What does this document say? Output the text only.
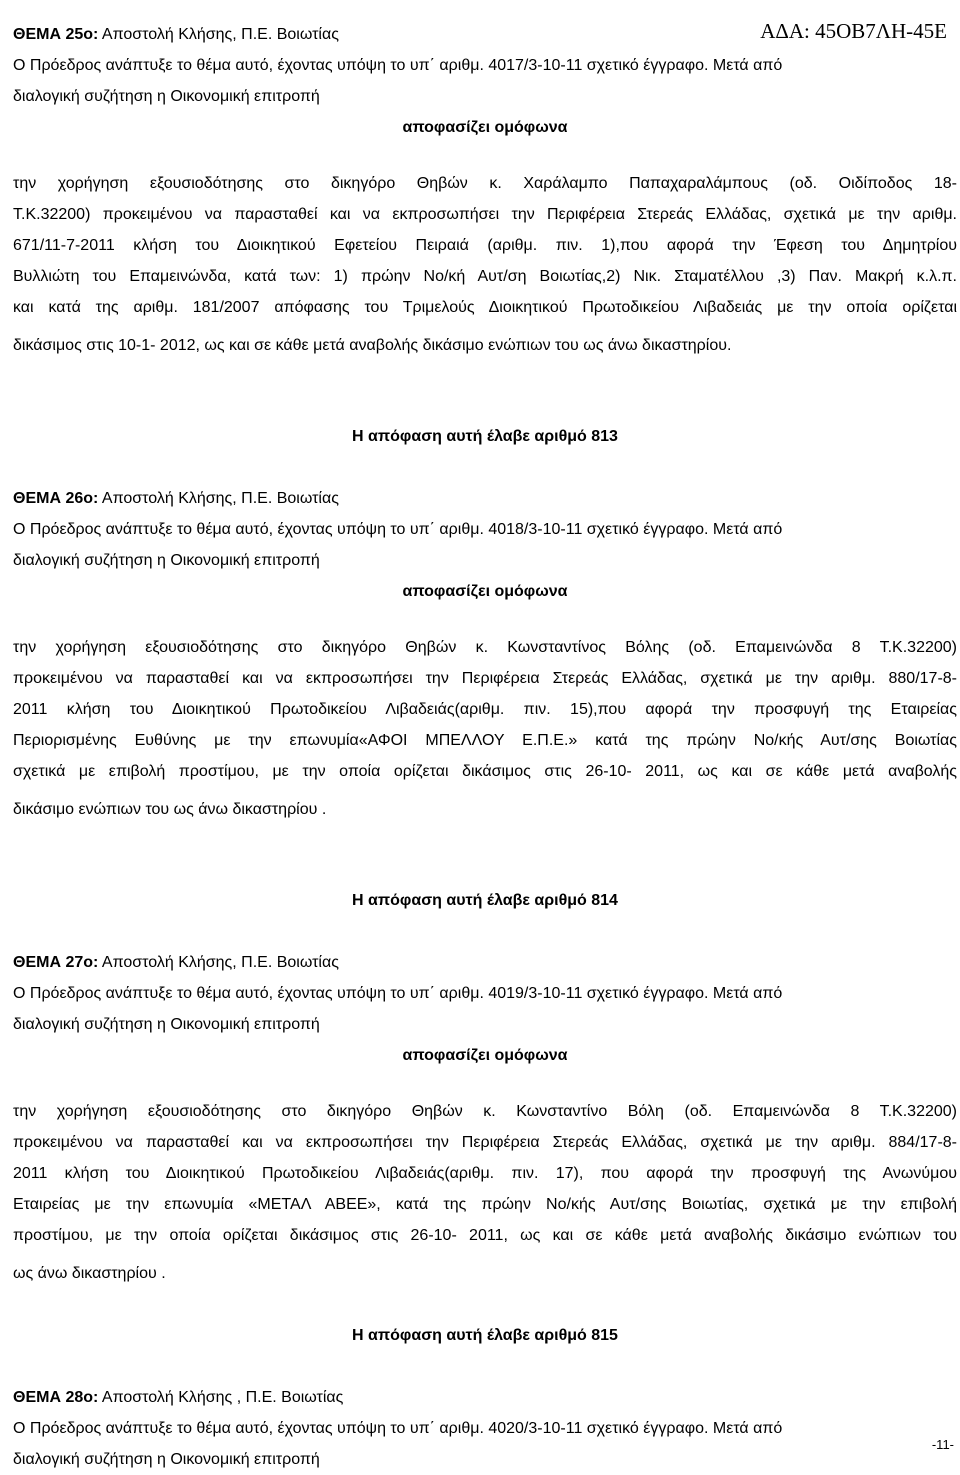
ΑΔΑ: 45ΟΒ7ΛΗ-45Ε
ΘΕΜΑ 25ο: Αποστολή Κλήσης, Π.Ε. Βοιωτίας
Ο Πρόεδρος ανάπτυξε το θέμα αυτό, έχοντας υπόψη το υπ΄ αριθμ. 4017/3-10-11 σχετικό έγγραφο. Μετά από
διαλογική συζήτηση η Οικονομική επιτροπή
αποφασίζει ομόφωνα
την χορήγηση εξουσιοδότησης στο δικηγόρο Θηβών κ. Χαράλαμπο Παπαχαραλάμπους (οδ. Οιδίποδος 18-
Τ.Κ.32200) προκειμένου να παρασταθεί και να εκπροσωπήσει την Περιφέρεια Στερεάς Ελλάδας, σχετικά με την αριθμ.
671/11-7-2011 κλήση του Διοικητικού Εφετείου Πειραιά (αριθμ. πιν. 1),που αφορά την Έφεση του Δημητρίου
Βυλλιώτη του Επαμεινώνδα, κατά των: 1) πρώην Νο/κή Αυτ/ση Βοιωτίας,2) Νικ. Σταματέλλου ,3) Παν. Μακρή κ.λ.π.
και κατά της αριθμ. 181/2007 απόφασης του Τριμελούς Διοικητικού Πρωτοδικείου Λιβαδειάς με την οποία ορίζεται
δικάσιμος στις 10-1- 2012, ως και σε κάθε μετά αναβολής δικάσιμο ενώπιων του ως άνω δικαστηρίου.
Η απόφαση αυτή έλαβε αριθμό 813
ΘΕΜΑ 26ο: Αποστολή Κλήσης, Π.Ε. Βοιωτίας
Ο Πρόεδρος ανάπτυξε το θέμα αυτό, έχοντας υπόψη το υπ΄ αριθμ. 4018/3-10-11 σχετικό έγγραφο. Μετά από
διαλογική συζήτηση η Οικονομική επιτροπή
αποφασίζει ομόφωνα
την χορήγηση εξουσιοδότησης στο δικηγόρο Θηβών κ. Κωνσταντίνος Βόλης (οδ. Επαμεινώνδα 8 Τ.Κ.32200)
προκειμένου να παρασταθεί και να εκπροσωπήσει την Περιφέρεια Στερεάς Ελλάδας, σχετικά με την αριθμ. 880/17-8-
2011 κλήση του Διοικητικού Πρωτοδικείου Λιβαδειάς(αριθμ. πιν. 15),που αφορά την προσφυγή της Εταιρείας
Περιορισμένης Ευθύνης με την επωνυμία«ΑΦΟΙ ΜΠΕΛΛΟΥ Ε.Π.Ε.» κατά της πρώην Νο/κής Αυτ/σης Βοιωτίας
σχετικά με επιβολή προστίμου, με την οποία ορίζεται δικάσιμος στις 26-10- 2011, ως και σε κάθε μετά αναβολής
δικάσιμο ενώπιων του ως άνω δικαστηρίου .
Η απόφαση αυτή έλαβε αριθμό 814
ΘΕΜΑ 27ο: Αποστολή Κλήσης, Π.Ε. Βοιωτίας
Ο Πρόεδρος ανάπτυξε το θέμα αυτό, έχοντας υπόψη το υπ΄ αριθμ. 4019/3-10-11 σχετικό έγγραφο. Μετά από
διαλογική συζήτηση η Οικονομική επιτροπή
αποφασίζει ομόφωνα
την χορήγηση εξουσιοδότησης στο δικηγόρο Θηβών κ. Κωνσταντίνο Βόλη (οδ. Επαμεινώνδα 8 Τ.Κ.32200)
προκειμένου να παρασταθεί και να εκπροσωπήσει την Περιφέρεια Στερεάς Ελλάδας, σχετικά με την αριθμ. 884/17-8-
2011 κλήση του Διοικητικού Πρωτοδικείου Λιβαδειάς(αριθμ. πιν. 17), που αφορά την προσφυγή της Ανωνύμου
Εταιρείας με την επωνυμία «ΜΕΤΑΛ ΑΒΕΕ», κατά της πρώην Νο/κής Αυτ/σης Βοιωτίας, σχετικά με την επιβολή
προστίμου, με την οποία ορίζεται δικάσιμος στις 26-10- 2011, ως και σε κάθε μετά αναβολής δικάσιμο ενώπιων του
ως άνω δικαστηρίου .
Η απόφαση αυτή έλαβε αριθμό 815
ΘΕΜΑ 28ο: Αποστολή Κλήσης , Π.Ε. Βοιωτίας
Ο Πρόεδρος ανάπτυξε το θέμα αυτό, έχοντας υπόψη το υπ΄ αριθμ. 4020/3-10-11 σχετικό έγγραφο. Μετά από
διαλογική συζήτηση η Οικονομική επιτροπή
-11-
